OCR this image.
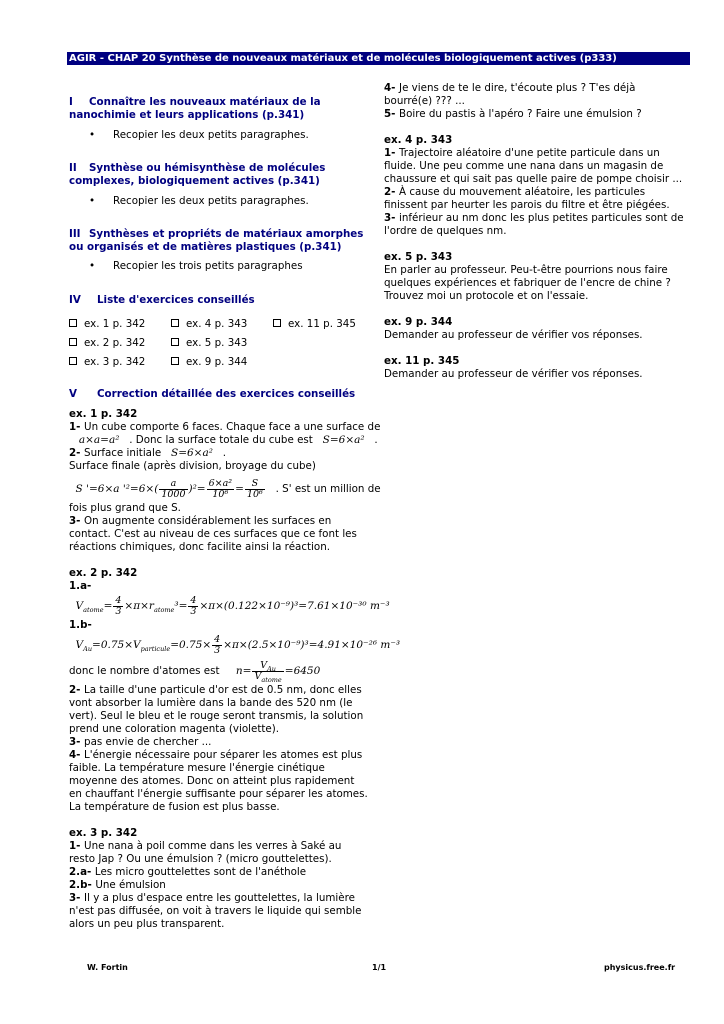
AGIR - CHAP 20 Synthèse de nouveaux matériaux et de molécules biologiquement actives (p333)
I Connaître les nouveaux matériaux de la nanochimie et leurs applications (p.341)
• Recopier les deux petits paragraphes.
II Synthèse ou hémisynthèse de molécules complexes, biologiquement actives (p.341)
• Recopier les deux petits paragraphes.
III Synthèses et propriéts de matériaux amorphes ou organisés et de matières plastiques (p.341)
• Recopier les trois petits paragraphes
IV Liste d'exercices conseillés
ex. 1 p. 342	ex. 4 p. 343	ex. 11 p. 345
ex. 2 p. 342	ex. 5 p. 343
ex. 3 p. 342	ex. 9 p. 344
V Correction détaillée des exercices conseillés
ex. 1 p. 342
1- Un cube comporte 6 faces. Chaque face a une surface de
a×a=a² . Donc la surface totale du cube est S=6×a²   .
2- Surface initiale S=6×a²   .
Surface finale (après division, broyage du cube)
S '=6×a '$^2=6\times( \frac{a}{1000} )^2= \frac{\text{6×a²}}{\text{10⁶}} = \frac{S}{\text{10⁶}}$ . S' est un million de
fois plus grand que S.
3- On augmente considérablement les surfaces en contact. C'est au niveau de ces surfaces que ce font les réactions chimiques, donc facilite ainsi la réaction.
ex. 2 p. 342
1.a-
$V_{atome}= \frac{4}{3} \times\pi\times r_{atome}^3= \frac{4}{3} \times\pi\times(0.122\times 10^{-9})^3=7.61\times 10^{-30}$ m⁻³
1.b-
$V_{Au}=0.75\times V_{particule}=0.75\times \frac{4}{3} \times\pi\times(2.5\times 10^{-9})^3=4.91\times 10^{-26}$ m⁻³
donc le nombre d'atomes est $n= \frac{V_{Au}}{V_{atome}} =6450$
2- La taille d'une particule d'or est de 0.5 nm, donc elles vont absorber la lumière dans la bande des 520 nm (le vert). Seul le bleu et le rouge seront transmis, la solution prend une coloration magenta (violette).
3- pas envie de chercher ...
4- L'énergie nécessaire pour séparer les atomes est plus faible. La température mesure l'énergie cinétique moyenne des atomes. Donc on atteint plus rapidement en chauffant l'énergie suffisante pour séparer les atomes. La température de fusion est plus basse.
ex. 3 p. 342
1- Une nana à poil comme dans les verres à Saké au resto Jap ? Ou une émulsion ? (micro gouttelettes).
2.a- Les micro gouttelettes sont de l'anéthole
2.b- Une émulsion
3- Il y a plus d'espace entre les gouttelettes, la lumière n'est pas diffusée, on voit à travers le liquide qui semble alors un peu plus transparent.
4- Je viens de te le dire, t'écoute plus ? T'es déjà bourré(e) ??? ...
5- Boire du pastis à l'apéro ? Faire une émulsion ?
ex. 4 p. 343
1- Trajectoire aléatoire d'une petite particule dans un fluide. Une peu comme une nana dans un magasin de chaussure et qui sait pas quelle paire de pompe choisir ...
2- À cause du mouvement aléatoire, les particules finissent par heurter les parois du filtre et être piégées.
3- inférieur au nm donc les plus petites particules sont de l'ordre de quelques nm.
ex. 5 p. 343
En parler au professeur. Peu-t-être pourrions nous faire quelques expériences et fabriquer de l'encre de chine ? Trouvez moi un protocole et on l'essaie.
ex. 9 p. 344
Demander au professeur de vérifier vos réponses.
ex. 11 p. 345
Demander au professeur de vérifier vos réponses.
W. Fortin	1/1	physicus.free.fr
